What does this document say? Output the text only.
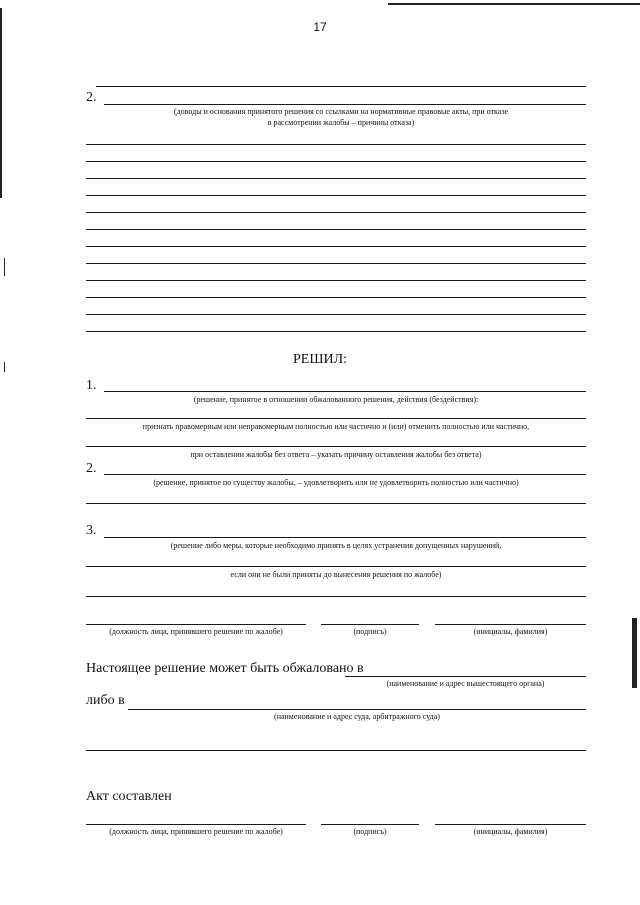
17
2.
(доводы и основания принятого решения со ссылками на нормативные правовые акты, при отказе
в рассмотрении жалобы – причины отказа)
РЕШИЛ:
1.
(решение, принятое в отношении обжалованного решения, действия (бездействия):
признать правомерным или неправомерным полностью или частично и (или) отменить полностью или частично,
при оставлении жалобы без ответа – указать причину оставления жалобы без ответа)
2.
(решение, принятое по существу жалобы, – удовлетворить или не удовлетворить полностью или частично)
3.
(решение либо меры, которые необходимо принять в целях устранения допущенных нарушений,
если они не были приняты до вынесения решения по жалобе)
(должность лица, принявшего решение по жалобе)	(подпись)	(инициалы, фамилия)
Настоящее решение может быть обжаловано в
(наименование и адрес вышестоящего органа)
либо в
(наименование и адрес суда, арбитражного суда)
Акт составлен
(должность лица, принявшего решение по жалобе)	(подпись)	(инициалы, фамилия)
